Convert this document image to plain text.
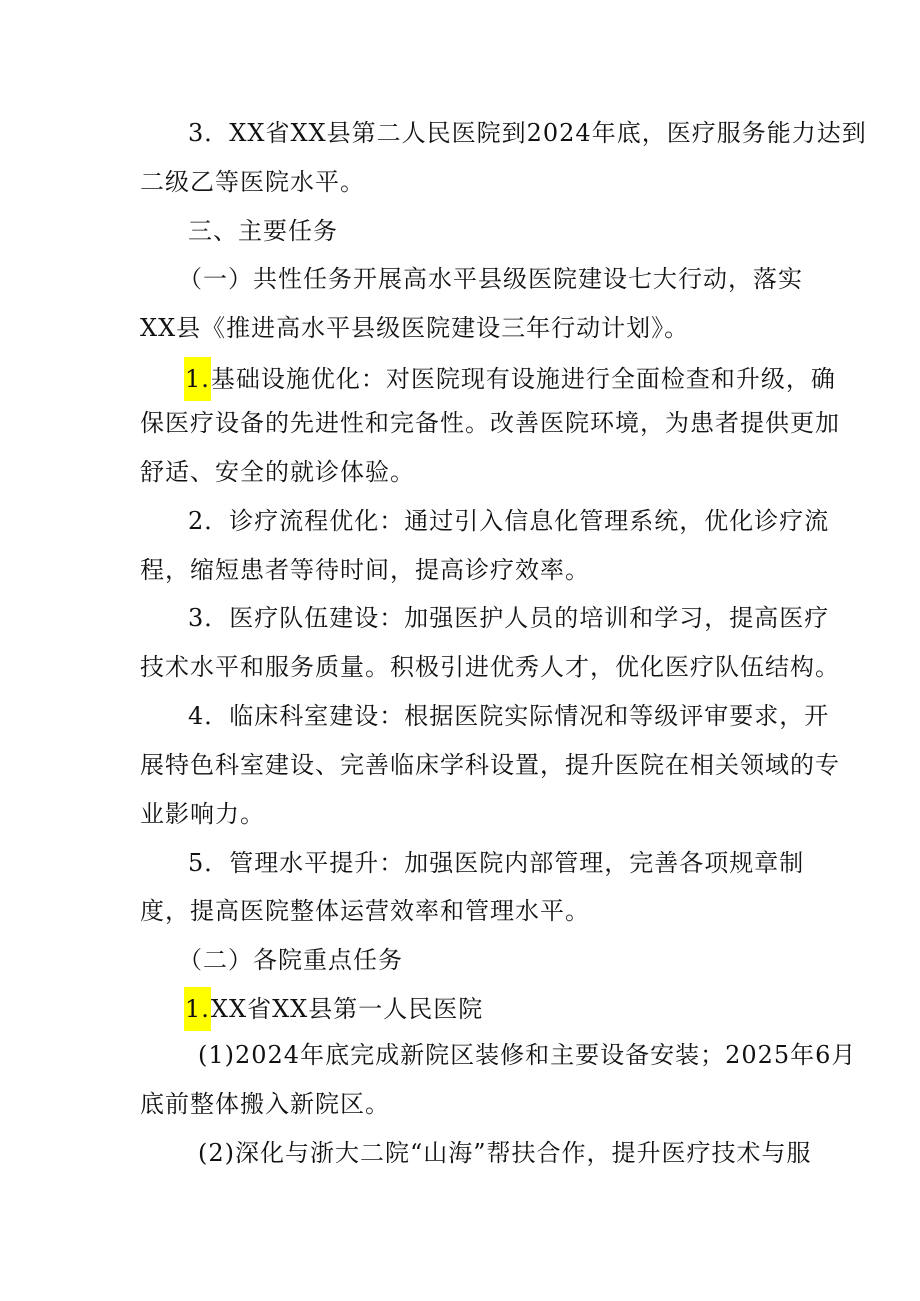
3．XX省XX县第二人民医院到2024年底，医疗服务能力达到
二级乙等医院水平。
三、主要任务
（一）共性任务开展高水平县级医院建设七大行动，落实
XX县《推进高水平县级医院建设三年行动计划》。
1.基础设施优化：对医院现有设施进行全面检查和升级，确
保医疗设备的先进性和完备性。改善医院环境，为患者提供更加
舒适、安全的就诊体验。
2．诊疗流程优化：通过引入信息化管理系统，优化诊疗流
程，缩短患者等待时间，提高诊疗效率。
3．医疗队伍建设：加强医护人员的培训和学习，提高医疗
技术水平和服务质量。积极引进优秀人才，优化医疗队伍结构。
4．临床科室建设：根据医院实际情况和等级评审要求，开
展特色科室建设、完善临床学科设置，提升医院在相关领域的专
业影响力。
5．管理水平提升：加强医院内部管理，完善各项规章制
度，提高医院整体运营效率和管理水平。
（二）各院重点任务
1.XX省XX县第一人民医院
(1)2024年底完成新院区装修和主要设备安装；2025年6月
底前整体搬入新院区。
(2)深化与浙大二院“山海”帮扶合作，提升医疗技术与服
